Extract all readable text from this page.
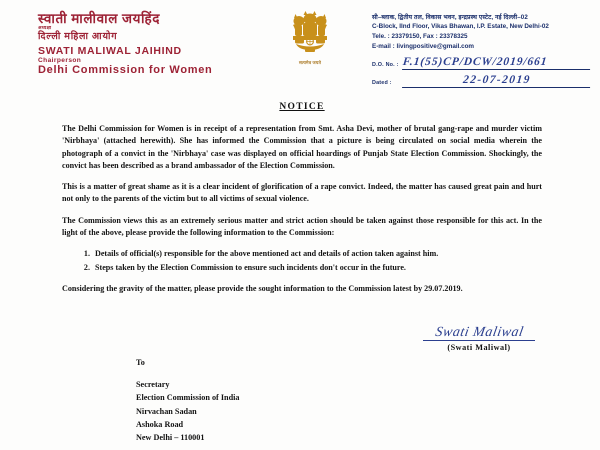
स्वाती मालीवाल जयहिंद
अध्यक्षा
दिल्ली महिला आयोग
SWATI MALIWAL JAIHIND
Chairperson
Delhi Commission for Women
सत्यमेव जयते
सी–ब्लाक, द्वितीय तल, विकास भवन, इन्द्रप्रस्थ एस्टेट, नई दिल्ली–02
C-Block, IInd Floor, Vikas Bhawan, I.P. Estate, New Delhi-02
Tele. : 23379150, Fax : 23378325
E-mail : livingpositive@gmail.com
D.O. No. : F.1(55)CP/DCW/2019/661
Dated :	22-07-2019
NOTICE

The Delhi Commission for Women is in receipt of a representation from Smt. Asha Devi, mother of brutal gang-rape and murder victim 'Nirbhaya' (attached herewith). She has informed the Commission that a picture is being circulated on social media wherein the photograph of a convict in the 'Nirbhaya' case was displayed on official hoardings of Punjab State Election Commission. Shockingly, the convict has been described as a brand ambassador of the Election Commission.

This is a matter of great shame as it is a clear incident of glorification of a rape convict. Indeed, the matter has caused great pain and hurt not only to the parents of the victim but to all victims of sexual violence.

The Commission views this as an extremely serious matter and strict action should be taken against those responsible for this act. In the light of the above, please provide the following information to the Commission:

1. Details of official(s) responsible for the above mentioned act and details of action taken against him.
2. Steps taken by the Election Commission to ensure such incidents don't occur in the future.

Considering the gravity of the matter, please provide the sought information to the Commission latest by 29.07.2019.

Swati Maliwal
(Swati Maliwal)
To
Secretary
Election Commission of India
Nirvachan Sadan
Ashoka Road
New Delhi – 110001
